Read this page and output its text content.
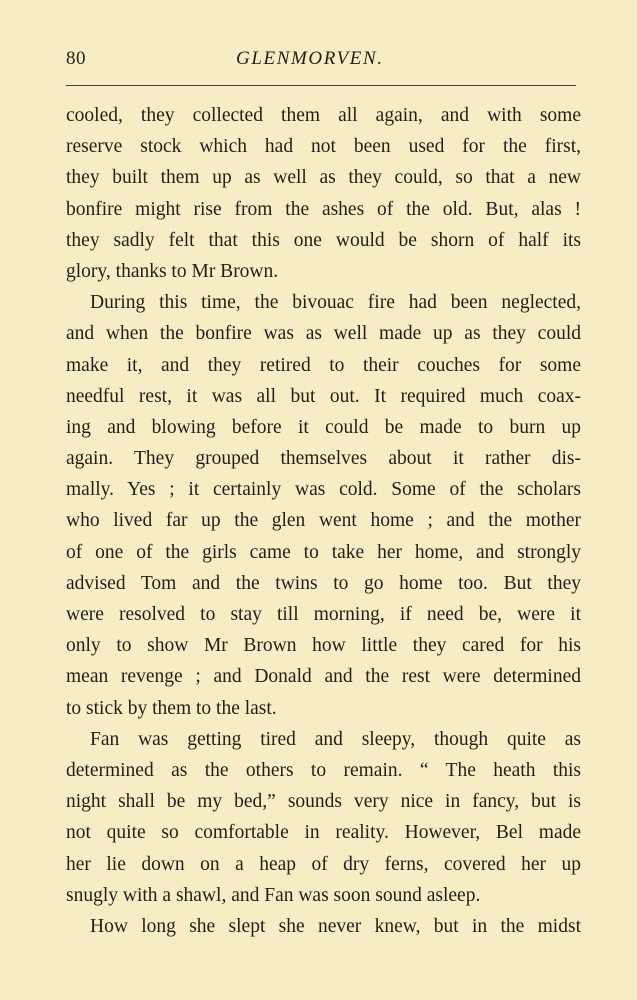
80	GLENMORVEN.
cooled, they collected them all again, and with some
reserve stock which had not been used for the first,
they built them up as well as they could, so that a new
bonfire might rise from the ashes of the old. But, alas !
they sadly felt that this one would be shorn of half its
glory, thanks to Mr Brown.
During this time, the bivouac fire had been neglected,
and when the bonfire was as well made up as they could
make it, and they retired to their couches for some
needful rest, it was all but out. It required much coax-
ing and blowing before it could be made to burn up
again. They grouped themselves about it rather dis-
mally. Yes ; it certainly was cold. Some of the scholars
who lived far up the glen went home ; and the mother
of one of the girls came to take her home, and strongly
advised Tom and the twins to go home too. But they
were resolved to stay till morning, if need be, were it
only to show Mr Brown how little they cared for his
mean revenge ; and Donald and the rest were determined
to stick by them to the last.
Fan was getting tired and sleepy, though quite as
determined as the others to remain. “ The heath this
night shall be my bed,” sounds very nice in fancy, but is
not quite so comfortable in reality. However, Bel made
her lie down on a heap of dry ferns, covered her up
snugly with a shawl, and Fan was soon sound asleep.
How long she slept she never knew, but in the midst
